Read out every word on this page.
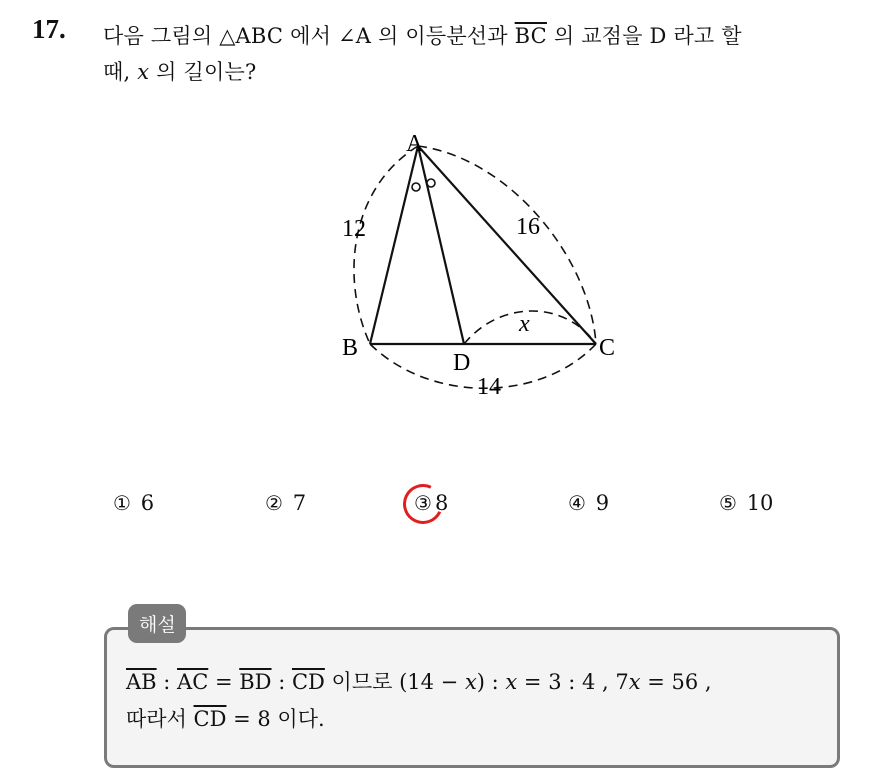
17. 다음 그림의 △ABC 에서 ∠A 의 이등분선과 $\overline{BC}$ 의 교점을 D 라고 할
때, x 의 길이는?
A
B	C
D
12	16
14
x
① 6	② 7	③ 8	④ 9	⑤ 10
해설
$\overline{AB}$ : $\overline{AC} = \overline{BD}$ : $\overline{CD}$ 이므로 (14 − x) : x = 3 : 4 , 7x = 56 ,
따라서 $\overline{CD} = 8$ 이다.
